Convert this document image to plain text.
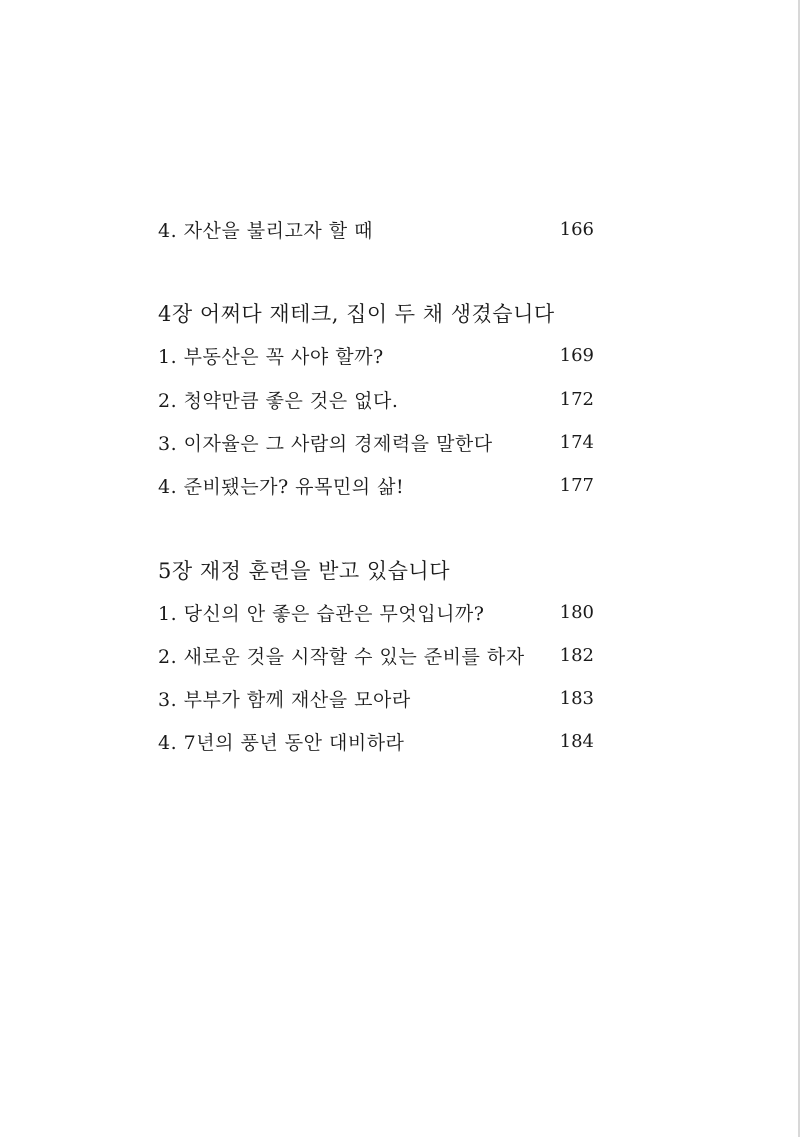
4. 자산을 불리고자 할 때	166
4장 어쩌다 재테크, 집이 두 채 생겼습니다
1. 부동산은 꼭 사야 할까?	169
2. 청약만큼 좋은 것은 없다.	172
3. 이자율은 그 사람의 경제력을 말한다	174
4. 준비됐는가? 유목민의 삶!	177
5장 재정 훈련을 받고 있습니다
1. 당신의 안 좋은 습관은 무엇입니까?	180
2. 새로운 것을 시작할 수 있는 준비를 하자 182
3. 부부가 함께 재산을 모아라	183
4. 7년의 풍년 동안 대비하라	184
